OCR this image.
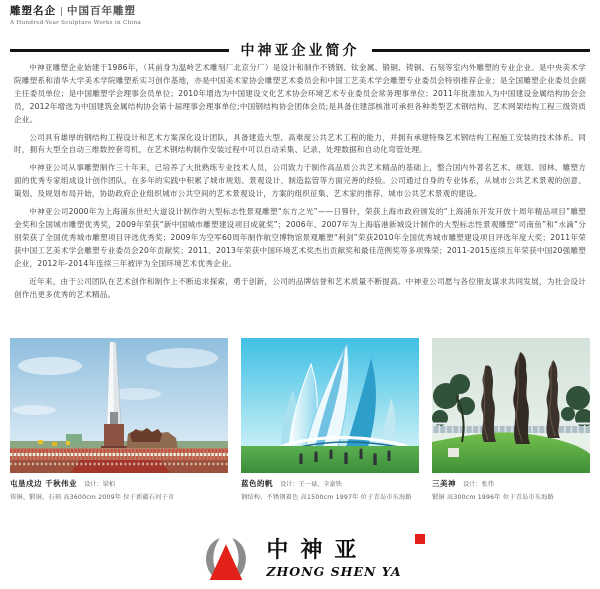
雕塑名企 | 中国百年雕塑
A Hundred-Year Sculpture Works in China
中神亚企业简介

中神亚雕塑企业始建于1986年，（其前身为温岭艺术雕刻厂北京分厂）是设计和制作不锈钢、钛金属、锻铜、铸铜、石刻等室内外雕塑的专业企业。是中央美术学院雕塑系和清华大学美术学院雕塑系实习创作基地，亦是中国美术家协会雕塑艺术委员会和中国工艺美术学会雕塑专业委员会特别推荐企业；是全国雕塑企业委员会副主任委员单位；是中国雕塑学会理事会员单位；2010年增选为中国建设文化艺术协会环境艺术专业委员会常务理事单位；2011年批准加入为中国建设金属结构协会会员，2012年增选为中国建筑金属结构协会第十届理事会理事单位;中国钢结构协会团体会员;是具备住建部核准可承担各种类型艺术钢结构、艺术网架结构工程三级资质企业。

公司具有雄厚的钢结构工程设计和艺术方案深化设计团队，具备建造大型、高难度公共艺术工程的能力，并拥有承建特殊艺术钢结构工程施工安装的技术体系。同时，拥有大型全自动三维数控套弯机，在艺术钢结构制作安装过程中可以自动采集、记录、处理数据和自动化弯管处理。

中神亚公司从事雕塑制作三十年来，已培养了大批熟练专业技术人员，公司致力于制作高品质公共艺术精品的基础上，整合国内外著名艺术、规划、园林、雕塑方面的优秀专家组成设计创作团队。在多年的实践中积累了城市规划、景观设计、制造监管等方面完善的经验。公司通过自身的专业体系，从城市公共艺术景观的创意、策划、及规划布局开始，协助政府企业组织城市公共空间的艺术景观设计，方案的组织征集、艺术家的推荐、城市公共艺术景观的建设。

中神亚公司2000年为上海浦东世纪大道设计制作的大型标志性景观雕塑“东方之光”——日晷针，荣获上海市政府颁发的“上海浦东开发开放十周年精品项目”雕塑金奖和全国城市雕塑优秀奖，2009年荣获“新中国城市雕塑建设项目成就奖”；2006年、2007年为上海临港新城设计制作的大型标志性景观雕塑“司南鱼”和“水滴”分别荣获了全国优秀城市雕塑项目评选优秀奖；2009年为空军60周年制作航空博物馆景观雕塑“利剑”荣获2010年全国优秀城市雕塑建设项目评选年度大奖；2011年荣获中国工艺美术学会雕塑专业委员会20年贡献奖；2011、2013年荣获中国环境艺术奖杰出贡献奖和最佳范例奖等多项殊荣；2011-2015连续五年荣获中国20强雕塑企业，2012年-2014年连续三年被评为全国环境艺术优秀企业。

近年来，由于公司团队在艺术创作和制作上不断追求探索，勇于创新，公司的品牌信誉和艺术质量不断提高。中神亚公司愿与各位朋友谋求共同发展，为社会设计创作出更多优秀的艺术精品。

屯垦戍边 千秋伟业 设计：梁栢
铸铜、锻铜、石刻 高3600cm 2009年 位于新疆石河子市
蓝色的帆 设计：王一禄、全豪铁
钢结构、不锈钢着色 高1500cm 1997年 位于青岛市东海路
三美神 设计：张伟
锻铜 高300cm 1996年 位于青岛市东海路
中神亚
ZHONG SHEN YA
